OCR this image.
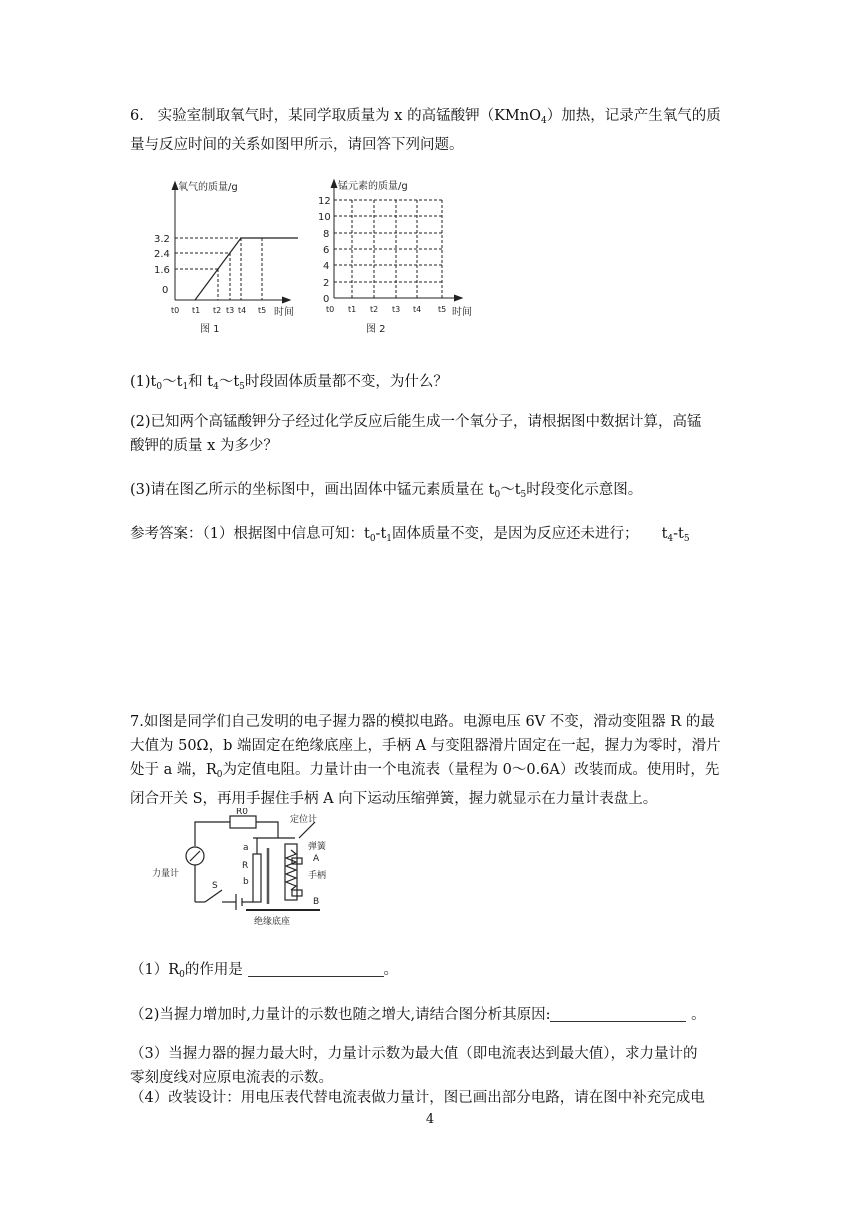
6. 实验室制取氧气时，某同学取质量为 x 的高锰酸钾（KMnO$_4$）加热，记录产生氧气的质
量与反应时间的关系如图甲所示，请回答下列问题。

氧气的质量/g
3.2
2.4
1.6
0
t0 t1 t2 t3 t4 t5 时间
图 1
锰元素的质量/g
12
10
8
6
4
2
0
t0 t1 t2 t3 t4 t5 时间
图 2

$(1)t_0\sim t_1$和 $t_4\sim t_5$时段固体质量都不变，为什么？

(2)已知两个高锰酸钾分子经过化学反应后能生成一个氧分子，请根据图中数据计算，高锰
酸钾的质量 x 为多少？

(3)请在图乙所示的坐标图中，画出固体中锰元素质量在 $t_0\sim t_5$时段变化示意图。

参考答案：（1）根据图中信息可知：$t_0-t_1$固体质量不变，是因为反应还未进行； $t_4-t_5$

7.如图是同学们自己发明的电子握力器的模拟电路。电源电压 6V 不变，滑动变阻器 R 的最
大值为 50Ω，b 端固定在绝缘底座上，手柄 A 与变阻器滑片固定在一起，握力为零时，滑片
处于 a 端，$R_0$为定值电阻。力量计由一个电流表（量程为 0～0.6A）改装而成。使用时，先
闭合开关 S，再用手握住手柄 A 向下运动压缩弹簧，握力就显示在力量计表盘上。

R0
定位计
弹簧
A
a
R
b
手柄
力量计
S
B
绝缘底座

$(1)R_0$的作用是	。

（2)当握力增加时,力量计的示数也随之增大,请结合图分析其原因:	。

（3）当握力器的握力最大时，力量计示数为最大值（即电流表达到最大值），求力量计的
零刻度线对应原电流表的示数。

（4）改装设计：用电压表代替电流表做力量计，图已画出部分电路，请在图中补充完成电

4
